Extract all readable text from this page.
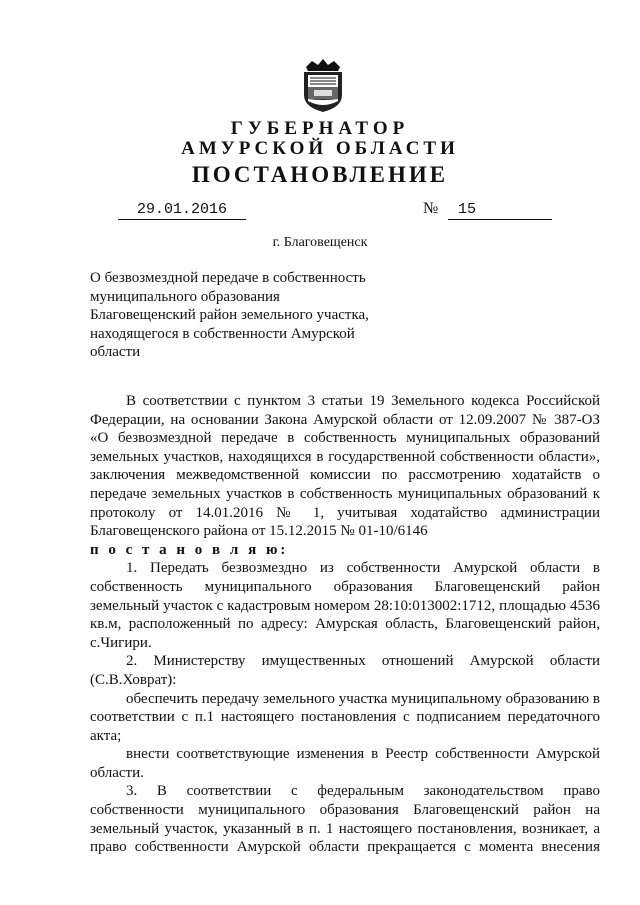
ГУБЕРНАТОР
АМУРСКОЙ ОБЛАСТИ
ПОСТАНОВЛЕНИЕ
29.01.2016	№	15
г. Благовещенск
О безвозмездной передаче в собственность муниципального образования Благовещенский район земельного участка, находящегося в собственности Амурской области

В соответствии с пунктом 3 статьи 19 Земельного кодекса Российской Федерации, на основании Закона Амурской области от 12.09.2007 № 387-ОЗ «О безвозмездной передаче в собственность муниципальных образований земельных участков, находящихся в государственной собственности области», заключения межведомственной комиссии по рассмотрению ходатайств о передаче земельных участков в собственность муниципальных образований к протоколу от 14.01.2016 № 1, учитывая ходатайство администрации Благовещенского района от 15.12.2015 № 01-10/6146

п о с т а н о в л я ю:

1. Передать безвозмездно из собственности Амурской области в собственность муниципального образования Благовещенский район земельный участок с кадастровым номером 28:10:013002:1712, площадью 4536 кв.м, расположенный по адресу: Амурская область, Благовещенский район, с.Чигири.

2. Министерству имущественных отношений Амурской области (С.В.Ховрат):

обеспечить передачу земельного участка муниципальному образованию в соответствии с п.1 настоящего постановления с подписанием передаточного акта;

внести соответствующие изменения в Реестр собственности Амурской области.

3. В соответствии с федеральным законодательством право собственности муниципального образования Благовещенский район на земельный участок, указанный в п. 1 настоящего постановления, возникает, а право собственности Амурской области прекращается с момента внесения
